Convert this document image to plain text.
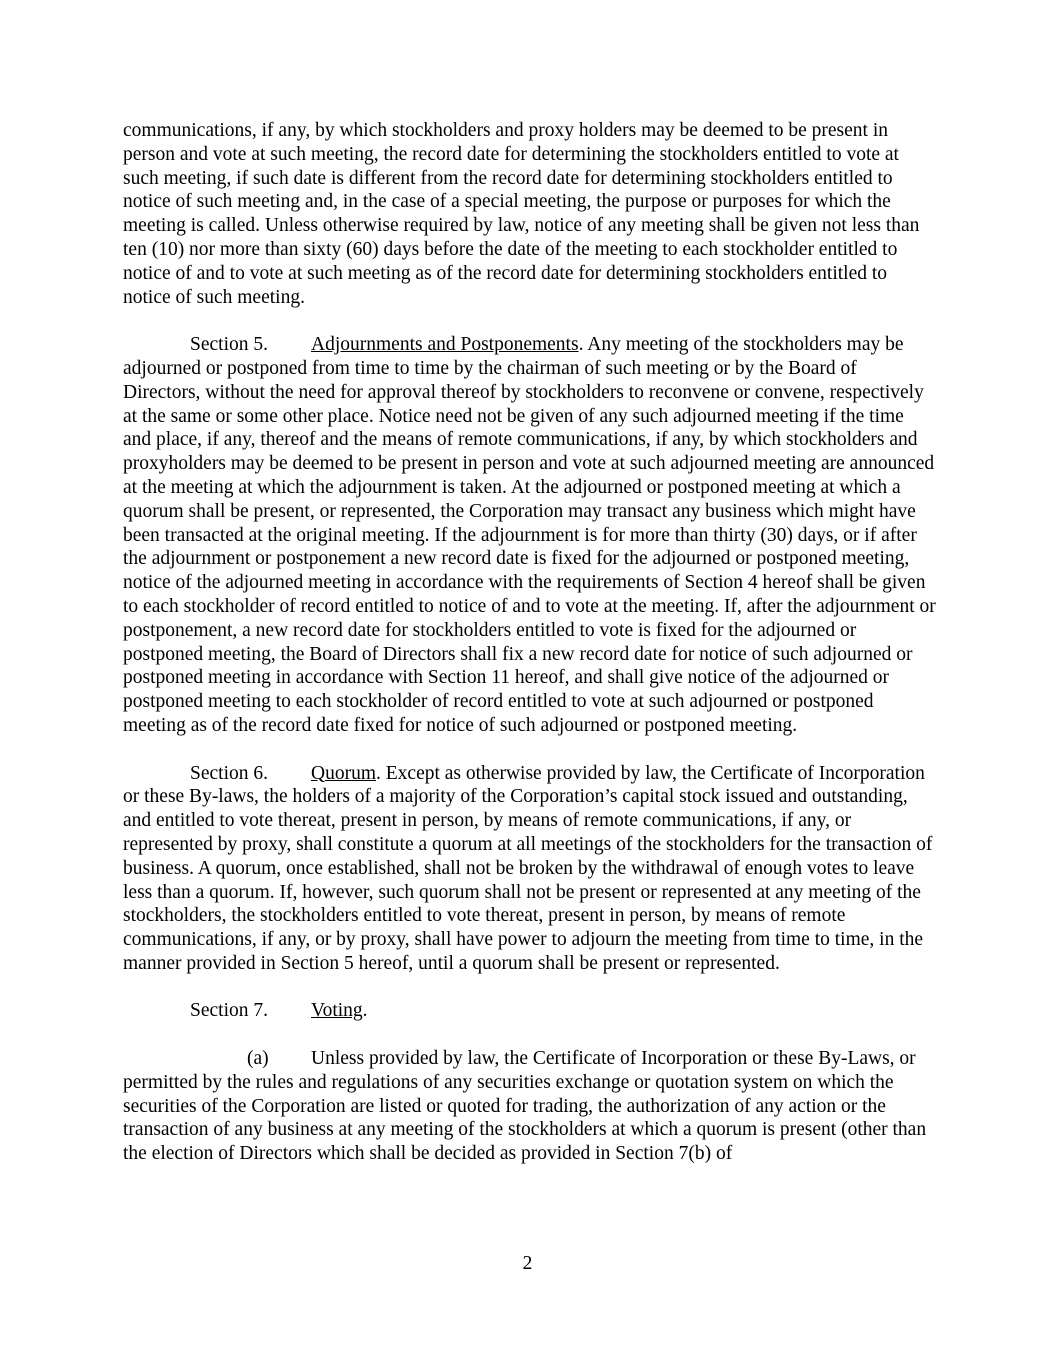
communications, if any, by which stockholders and proxy holders may be deemed to be present in person and vote at such meeting, the record date for determining the stockholders entitled to vote at such meeting, if such date is different from the record date for determining stockholders entitled to notice of such meeting and, in the case of a special meeting, the purpose or purposes for which the meeting is called. Unless otherwise required by law, notice of any meeting shall be given not less than ten (10) nor more than sixty (60) days before the date of the meeting to each stockholder entitled to notice of and to vote at such meeting as of the record date for determining stockholders entitled to notice of such meeting.

Section 5. Adjournments and Postponements. Any meeting of the stockholders may be adjourned or postponed from time to time by the chairman of such meeting or by the Board of Directors, without the need for approval thereof by stockholders to reconvene or convene, respectively at the same or some other place. Notice need not be given of any such adjourned meeting if the time and place, if any, thereof and the means of remote communications, if any, by which stockholders and proxyholders may be deemed to be present in person and vote at such adjourned meeting are announced at the meeting at which the adjournment is taken. At the adjourned or postponed meeting at which a quorum shall be present, or represented, the Corporation may transact any business which might have been transacted at the original meeting. If the adjournment is for more than thirty (30) days, or if after the adjournment or postponement a new record date is fixed for the adjourned or postponed meeting, notice of the adjourned meeting in accordance with the requirements of Section 4 hereof shall be given to each stockholder of record entitled to notice of and to vote at the meeting. If, after the adjournment or postponement, a new record date for stockholders entitled to vote is fixed for the adjourned or postponed meeting, the Board of Directors shall fix a new record date for notice of such adjourned or postponed meeting in accordance with Section 11 hereof, and shall give notice of the adjourned or postponed meeting to each stockholder of record entitled to vote at such adjourned or postponed meeting as of the record date fixed for notice of such adjourned or postponed meeting.

Section 6. Quorum. Except as otherwise provided by law, the Certificate of Incorporation or these By-laws, the holders of a majority of the Corporation’s capital stock issued and outstanding, and entitled to vote thereat, present in person, by means of remote communications, if any, or represented by proxy, shall constitute a quorum at all meetings of the stockholders for the transaction of business. A quorum, once established, shall not be broken by the withdrawal of enough votes to leave less than a quorum. If, however, such quorum shall not be present or represented at any meeting of the stockholders, the stockholders entitled to vote thereat, present in person, by means of remote communications, if any, or by proxy, shall have power to adjourn the meeting from time to time, in the manner provided in Section 5 hereof, until a quorum shall be present or represented.

Section 7. Voting.

(a) Unless provided by law, the Certificate of Incorporation or these By-Laws, or permitted by the rules and regulations of any securities exchange or quotation system on which the securities of the Corporation are listed or quoted for trading, the authorization of any action or the transaction of any business at any meeting of the stockholders at which a quorum is present (other than the election of Directors which shall be decided as provided in Section 7(b) of

2
